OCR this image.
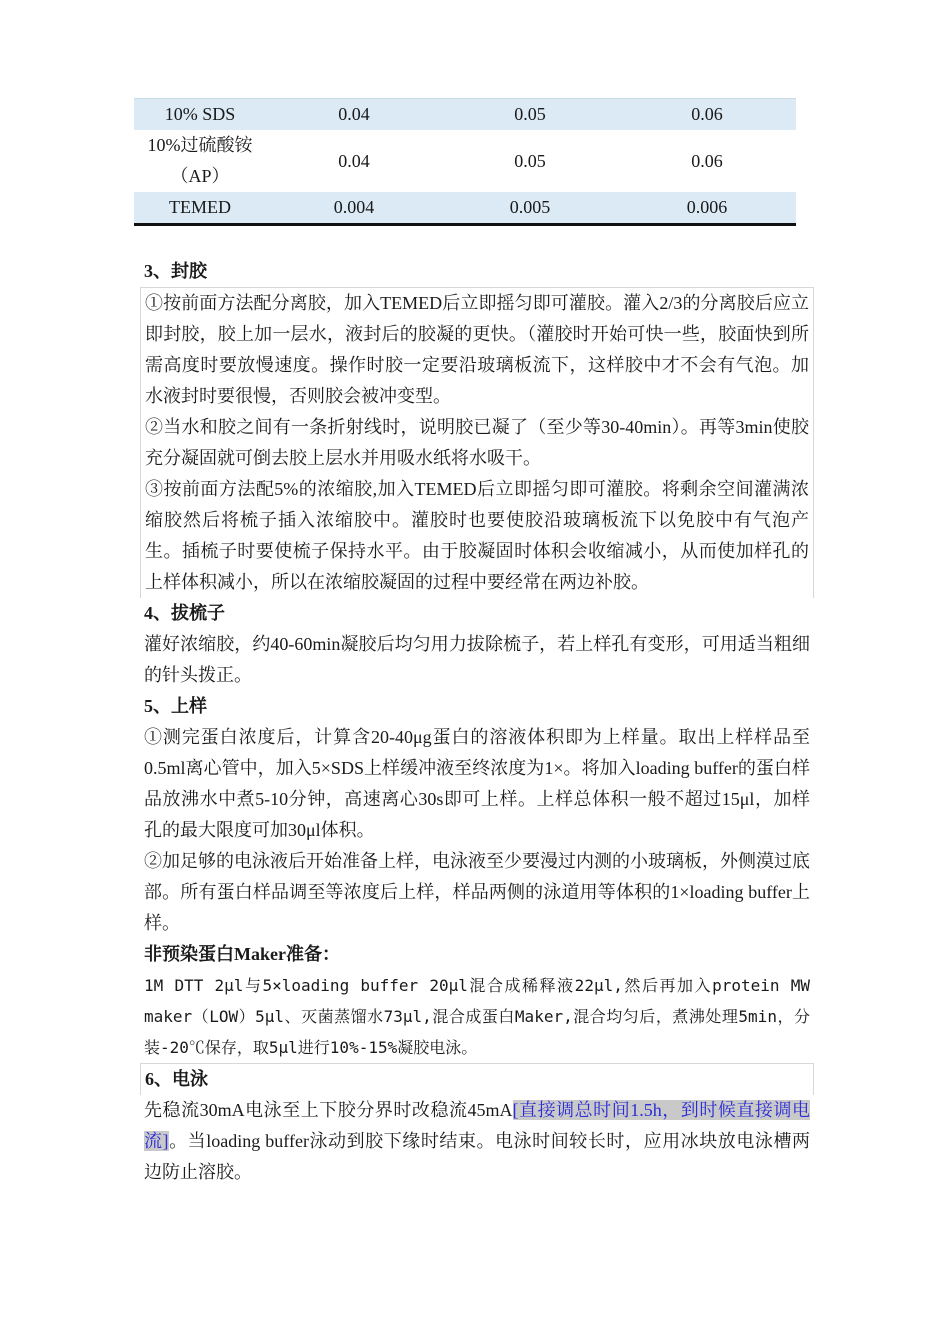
10% SDS	0.04	0.05	0.06

10%过硫酸铵
（AP）	0.04	0.05	0.06
TEMED	0.004	0.005	0.006

3、封胶

①按前面方法配分离胶，加入TEMED后立即摇匀即可灌胶。灌入2/3的分离胶后应立即封胶，胶上加一层水，液封后的胶凝的更快。（灌胶时开始可快一些，胶面快到所需高度时要放慢速度。操作时胶一定要沿玻璃板流下，这样胶中才不会有气泡。加水液封时要很慢，否则胶会被冲变型。

②当水和胶之间有一条折射线时，说明胶已凝了（至少等30-40min）。再等3min使胶充分凝固就可倒去胶上层水并用吸水纸将水吸干。

③按前面方法配5%的浓缩胶,加入TEMED后立即摇匀即可灌胶。将剩余空间灌满浓缩胶然后将梳子插入浓缩胶中。灌胶时也要使胶沿玻璃板流下以免胶中有气泡产生。插梳子时要使梳子保持水平。由于胶凝固时体积会收缩减小，从而使加样孔的上样体积减小，所以在浓缩胶凝固的过程中要经常在两边补胶。

4、拔梳子

灌好浓缩胶，约40-60min凝胶后均匀用力拔除梳子，若上样孔有变形，可用适当粗细的针头拨正。

5、上样

①测完蛋白浓度后，计算含20-40μg蛋白的溶液体积即为上样量。取出上样样品至0.5ml离心管中，加入5×SDS上样缓冲液至终浓度为1×。将加入loading buffer的蛋白样品放沸水中煮5-10分钟，高速离心30s即可上样。上样总体积一般不超过15μl，加样孔的最大限度可加30μl体积。

②加足够的电泳液后开始准备上样，电泳液至少要漫过内测的小玻璃板，外侧漠过底部。所有蛋白样品调至等浓度后上样，样品两侧的泳道用等体积的1×loading buffer上样。

非预染蛋白Maker准备：

1M DTT 2μl与5×loading buffer 20μl混合成稀释液22μl,然后再加入protein MW maker（LOW）5μl、灭菌蒸馏水73μl,混合成蛋白Maker,混合均匀后，煮沸处理5min，分装-20℃保存，取5μl进行10%-15%凝胶电泳。

6、电泳

先稳流30mA电泳至上下胶分界时改稳流45mA[直接调总时间1.5h，到时候直接调电流]。当loading buffer泳动到胶下缘时结束。电泳时间较长时，应用冰块放电泳槽两边防止溶胶。
